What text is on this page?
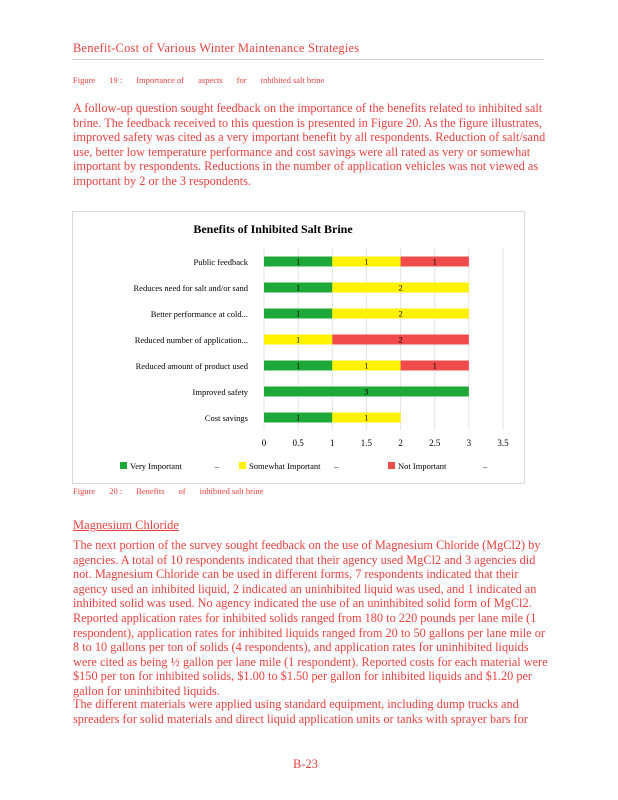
Benefit-Cost of Various Winter Maintenance Strategies
Figure 19 : Importance of aspects for inhibited salt brine
A follow-up question sought feedback on the importance of the benefits related to inhibited salt brine. The feedback received to this question is presented in Figure 20. As the figure illustrates, improved safety was cited as a very important benefit by all respondents. Reduction of salt/sand use, better low temperature performance and cost savings were all rated as very or somewhat important by respondents. Reductions in the number of application vehicles was not viewed as important by 2 or the 3 respondents.
Benefits of Inhibited Salt Brine
Public feedback
Reduces need for salt and/or sand
Better performance at cold...
Reduced number of application...
Reduced amount of product used
Improved safety
Cost savings
1	1	1
1	2
1	2
1	2
1	1	1
3
1	1
0	0.5	1	1.5	2	2.5	3	3.5
Very Important	–	Somewhat Important –	Not Important	–
Figure 20 : Benefits of inhibited salt brine
Magnesium Chloride
The next portion of the survey sought feedback on the use of Magnesium Chloride (MgCl2) by agencies. A total of 10 respondents indicated that their agency used MgCl2 and 3 agencies did not. Magnesium Chloride can be used in different forms, 7 respondents indicated that their agency used an inhibited liquid, 2 indicated an uninhibited liquid was used, and 1 indicated an inhibited solid was used. No agency indicated the use of an uninhibited solid form of MgCl2. Reported application rates for inhibited solids ranged from 180 to 220 pounds per lane mile (1 respondent), application rates for inhibited liquids ranged from 20 to 50 gallons per lane mile or 8 to 10 gallons per ton of solids (4 respondents), and application rates for uninhibited liquids were cited as being ½ gallon per lane mile (1 respondent). Reported costs for each material were $150 per ton for inhibited solids, $1.00 to $1.50 per gallon for inhibited liquids and $1.20 per gallon for uninhibited liquids.
The different materials were applied using standard equipment, including dump trucks and spreaders for solid materials and direct liquid application units or tanks with sprayer bars for
B-23
